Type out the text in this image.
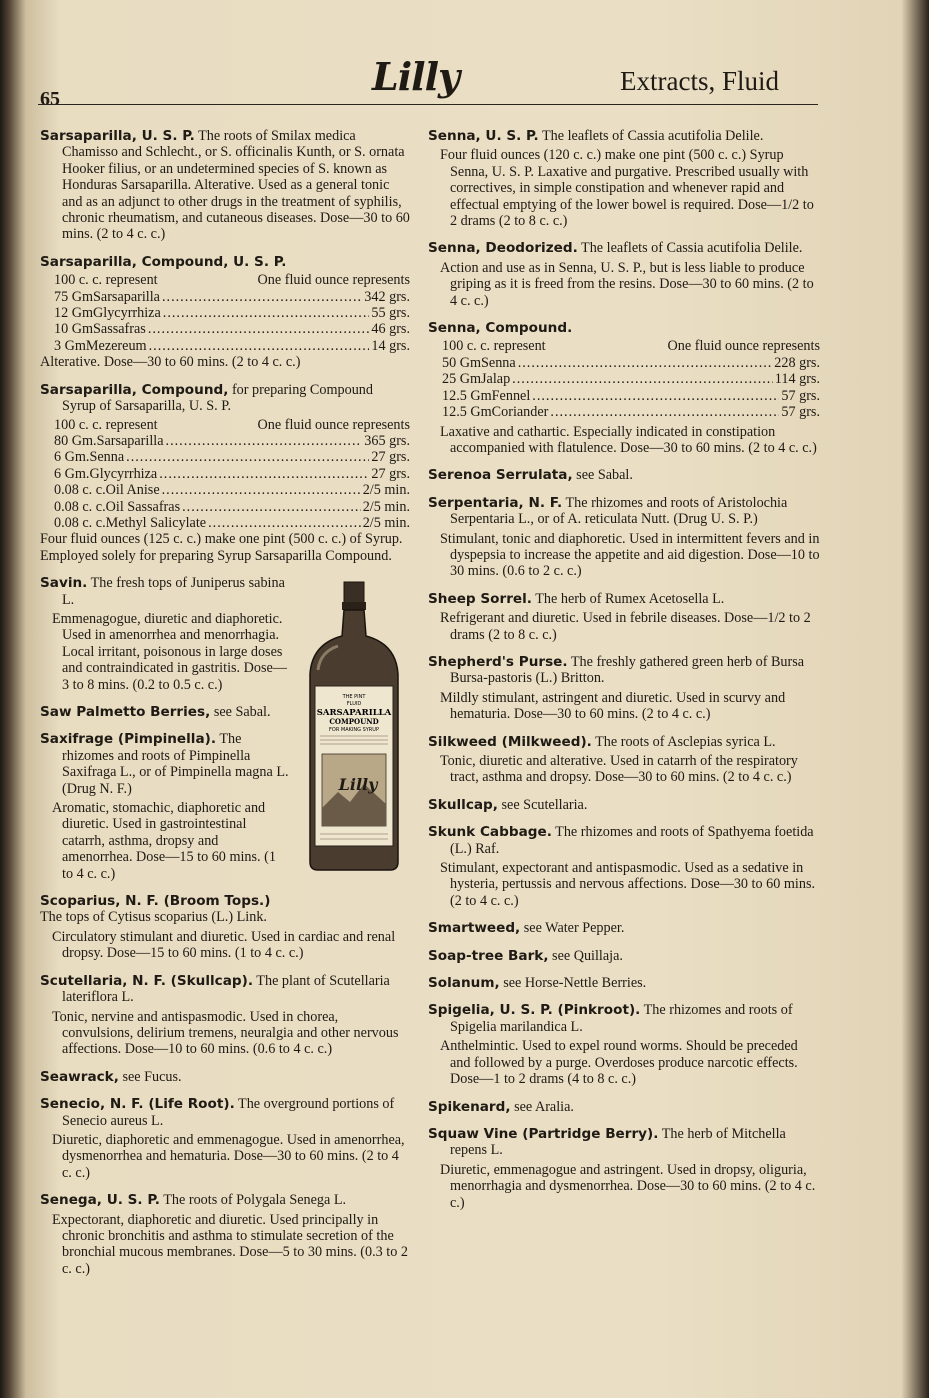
65	Lilly	Extracts, Fluid

Sarsaparilla, U. S. P. The roots of Smilax medica Chamisso and Schlecht., or S. officinalis Kunth, or S. ornata Hooker filius, or an undetermined species of S. known as Honduras Sarsaparilla. Alterative. Used as a general tonic and as an adjunct to other drugs in the treatment of syphilis, chronic rheumatism, and cutaneous diseases. Dose—30 to 60 mins. (2 to 4 c. c.)

Sarsaparilla, Compound, U. S. P.

100 c. c. represent	One fluid ounce represents
75 Gm Sarsaparilla .....	342 grs.
12 Gm Glycyrrhiza .....	55 grs.
10 Gm Sassafras .....	46 grs.
3 Gm Mezereum .....	14 grs.

Alterative. Dose—30 to 60 mins. (2 to 4 c. c.)

Sarsaparilla, Compound, for preparing Compound Syrup of Sarsaparilla, U. S. P.

100 c. c. represent	One fluid ounce represents
80 Gm. Sarsaparilla .....	365 grs.
6 Gm. Senna .....	27 grs.
6 Gm. Glycyrrhiza .....	27 grs.
0.08 c. c. Oil Anise .....	2/5 min.
0.08 c. c. Oil Sassafras .....	2/5 min.
0.08 c. c. Methyl Salicylate .....	2/5 min.

Four fluid ounces (125 c. c.) make one pint (500 c. c.) of Syrup. Employed solely for preparing Syrup Sarsaparilla Compound.

Savin. The fresh tops of Juniperus sabina L.

Emmenagogue, diuretic and diaphoretic. Used in amenorrhea and menorrhagia. Local irritant, poisonous in large doses and contraindicated in gastritis. Dose—3 to 8 mins. (0.2 to 0.5 c. c.)

Saw Palmetto Berries, see Sabal.

Saxifrage (Pimpinella). The rhizomes and roots of Pimpinella Saxifraga L., or of Pimpinella magna L. (Drug N. F.)

Aromatic, stomachic, diaphoretic and diuretic. Used in gastrointestinal catarrh, asthma, dropsy and amenorrhea. Dose—15 to 60 mins. (1 to 4 c. c.)

Scoparius, N. F. (Broom Tops.)

The tops of Cytisus scoparius (L.) Link.

Circulatory stimulant and diuretic. Used in cardiac and renal dropsy. Dose—15 to 60 mins. (1 to 4 c. c.)

Scutellaria, N. F. (Skullcap). The plant of Scutellaria lateriflora L.

Tonic, nervine and antispasmodic. Used in chorea, convulsions, delirium tremens, neuralgia and other nervous affections. Dose—10 to 60 mins. (0.6 to 4 c. c.)

Seawrack, see Fucus.

Senecio, N. F. (Life Root). The overground portions of Senecio aureus L.

Diuretic, diaphoretic and emmenagogue. Used in amenorrhea, dysmenorrhea and hematuria. Dose—30 to 60 mins. (2 to 4 c. c.)

Senega, U. S. P. The roots of Polygala Senega L.

Expectorant, diaphoretic and diuretic. Used principally in chronic bronchitis and asthma to stimulate secretion of the bronchial mucous membranes. Dose—5 to 30 mins. (0.3 to 2 c. c.)

THE PINT
FLUID
SARSAPARILLA
COMPOUND
FOR MAKING SYRUP
Lilly

Senna, U. S. P. The leaflets of Cassia acutifolia Delile.

Four fluid ounces (120 c. c.) make one pint (500 c. c.) Syrup Senna, U. S. P. Laxative and purgative. Prescribed usually with correctives, in simple constipation and whenever rapid and effectual emptying of the lower bowel is required. Dose—1/2 to 2 drams (2 to 8 c. c.)

Senna, Deodorized. The leaflets of Cassia acutifolia Delile.

Action and use as in Senna, U. S. P., but is less liable to produce griping as it is freed from the resins. Dose—30 to 60 mins. (2 to 4 c. c.)

Senna, Compound.

100 c. c. represent	One fluid ounce represents
50 Gm Senna .....	228 grs.
25 Gm Jalap .....	114 grs.
12.5 Gm Fennel .....	57 grs.
12.5 Gm Coriander .....	57 grs.

Laxative and cathartic. Especially indicated in constipation accompanied with flatulence. Dose—30 to 60 mins. (2 to 4 c. c.)

Serenoa Serrulata, see Sabal.

Serpentaria, N. F. The rhizomes and roots of Aristolochia Serpentaria L., or of A. reticulata Nutt. (Drug U. S. P.)

Stimulant, tonic and diaphoretic. Used in intermittent fevers and in dyspepsia to increase the appetite and aid digestion. Dose—10 to 30 mins. (0.6 to 2 c. c.)

Sheep Sorrel. The herb of Rumex Acetosella L.

Refrigerant and diuretic. Used in febrile diseases. Dose—1/2 to 2 drams (2 to 8 c. c.)

Shepherd's Purse. The freshly gathered green herb of Bursa Bursa-pastoris (L.) Britton.

Mildly stimulant, astringent and diuretic. Used in scurvy and hematuria. Dose—30 to 60 mins. (2 to 4 c. c.)

Silkweed (Milkweed). The roots of Asclepias syrica L.

Tonic, diuretic and alterative. Used in catarrh of the respiratory tract, asthma and dropsy. Dose—30 to 60 mins. (2 to 4 c. c.)

Skullcap, see Scutellaria.

Skunk Cabbage. The rhizomes and roots of Spathyema foetida (L.) Raf.

Stimulant, expectorant and antispasmodic. Used as a sedative in hysteria, pertussis and nervous affections. Dose—30 to 60 mins. (2 to 4 c. c.)

Smartweed, see Water Pepper.

Soap-tree Bark, see Quillaja.

Solanum, see Horse-Nettle Berries.

Spigelia, U. S. P. (Pinkroot). The rhizomes and roots of Spigelia marilandica L.

Anthelmintic. Used to expel round worms. Should be preceded and followed by a purge. Overdoses produce narcotic effects. Dose—1 to 2 drams (4 to 8 c. c.)

Spikenard, see Aralia.

Squaw Vine (Partridge Berry). The herb of Mitchella repens L.

Diuretic, emmenagogue and astringent. Used in dropsy, oliguria, menorrhagia and dysmenorrhea. Dose—30 to 60 mins. (2 to 4 c. c.)
